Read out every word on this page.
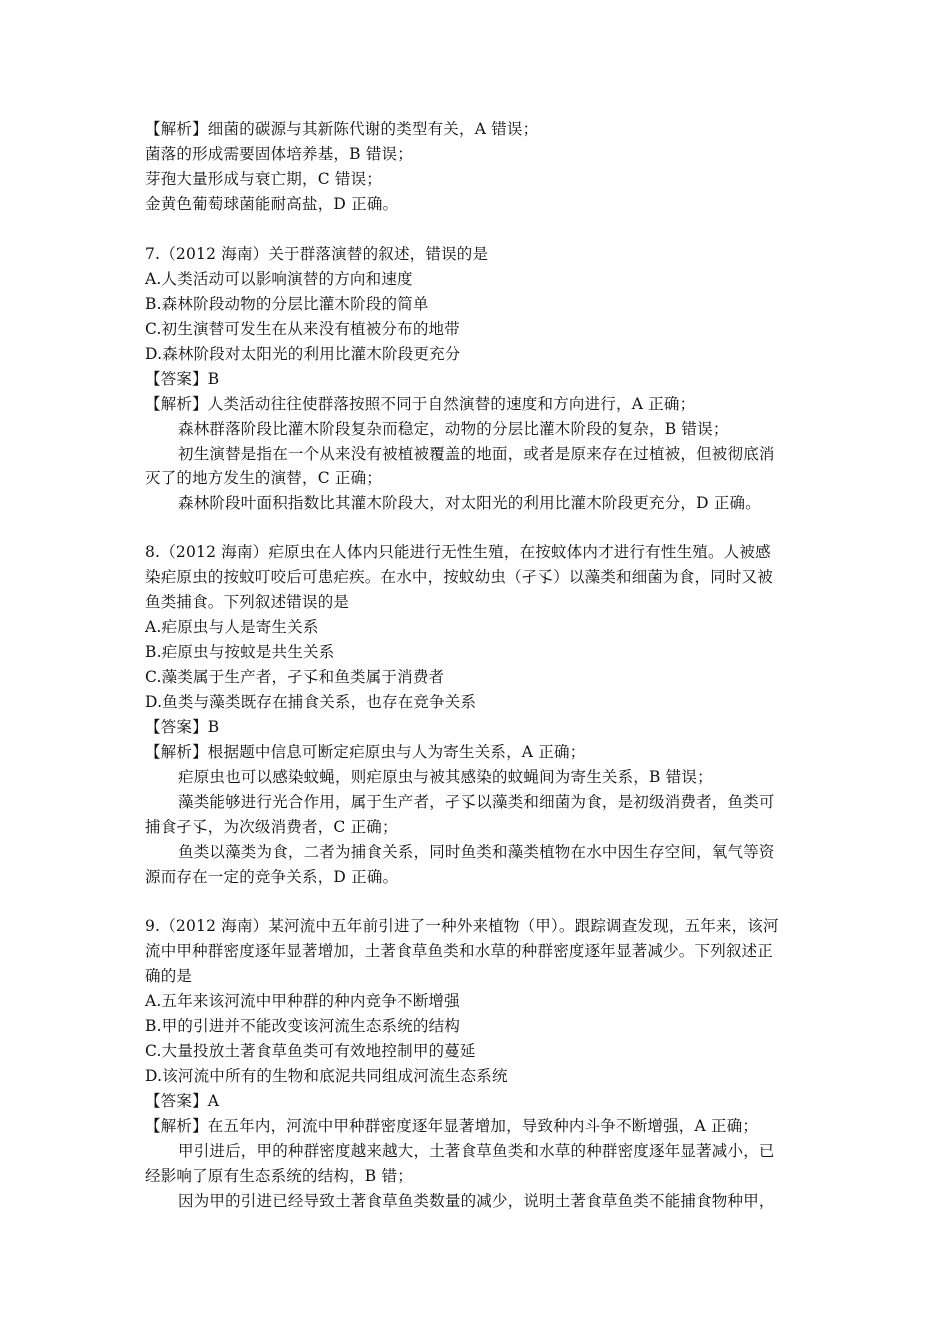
【解析】细菌的碳源与其新陈代谢的类型有关，A 错误；
菌落的形成需要固体培养基，B 错误；
芽孢大量形成与衰亡期，C 错误；
金黄色葡萄球菌能耐高盐，D 正确。
7.（2012 海南）关于群落演替的叙述，错误的是
A.人类活动可以影响演替的方向和速度
B.森林阶段动物的分层比灌木阶段的简单
C.初生演替可发生在从来没有植被分布的地带
D.森林阶段对太阳光的利用比灌木阶段更充分
【答案】B
【解析】人类活动往往使群落按照不同于自然演替的速度和方向进行，A 正确；
森林群落阶段比灌木阶段复杂而稳定，动物的分层比灌木阶段的复杂，B 错误；
初生演替是指在一个从来没有被植被覆盖的地面，或者是原来存在过植被，但被彻底消
灭了的地方发生的演替，C 正确；
森林阶段叶面积指数比其灌木阶段大，对太阳光的利用比灌木阶段更充分，D 正确。
8.（2012 海南）疟原虫在人体内只能进行无性生殖，在按蚊体内才进行有性生殖。人被感
染疟原虫的按蚊叮咬后可患疟疾。在水中，按蚊幼虫（孑孓）以藻类和细菌为食，同时又被
鱼类捕食。下列叙述错误的是
A.疟原虫与人是寄生关系
B.疟原虫与按蚊是共生关系
C.藻类属于生产者，孑孓和鱼类属于消费者
D.鱼类与藻类既存在捕食关系，也存在竞争关系
【答案】B
【解析】根据题中信息可断定疟原虫与人为寄生关系，A 正确；
疟原虫也可以感染蚊蝇，则疟原虫与被其感染的蚊蝇间为寄生关系，B 错误；
藻类能够进行光合作用，属于生产者，孑孓以藻类和细菌为食，是初级消费者，鱼类可
捕食孑孓，为次级消费者，C 正确；
鱼类以藻类为食，二者为捕食关系，同时鱼类和藻类植物在水中因生存空间，氧气等资
源而存在一定的竞争关系，D 正确。
9.（2012 海南）某河流中五年前引进了一种外来植物（甲）。跟踪调查发现，五年来，该河
流中甲种群密度逐年显著增加，土著食草鱼类和水草的种群密度逐年显著减少。下列叙述正
确的是
A.五年来该河流中甲种群的种内竞争不断增强
B.甲的引进并不能改变该河流生态系统的结构
C.大量投放土著食草鱼类可有效地控制甲的蔓延
D.该河流中所有的生物和底泥共同组成河流生态系统
【答案】A
【解析】在五年内，河流中甲种群密度逐年显著增加，导致种内斗争不断增强，A 正确；
甲引进后，甲的种群密度越来越大，土著食草鱼类和水草的种群密度逐年显著减小，已
经影响了原有生态系统的结构，B 错；
因为甲的引进已经导致土著食草鱼类数量的减少，说明土著食草鱼类不能捕食物种甲，
